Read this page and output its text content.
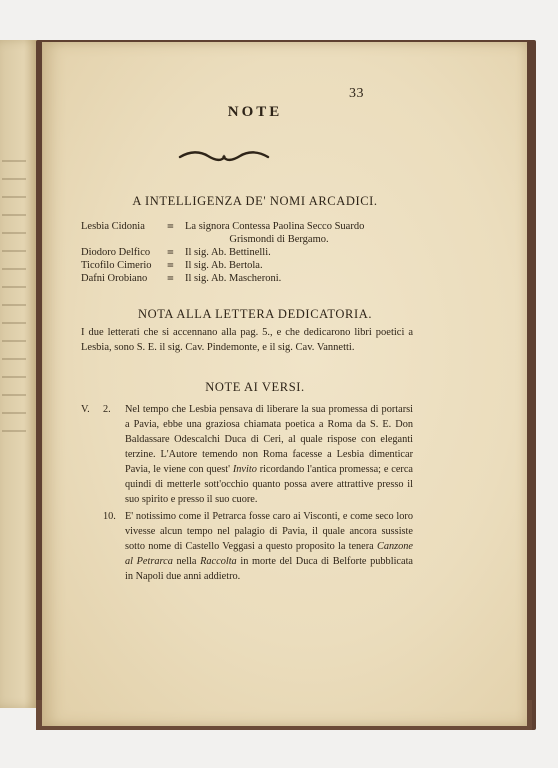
33
NOTE
A INTELLIGENZA DE' NOMI ARCADICI.
Lesbia Cidonia	=	La signora Contessa Paolina Secco Suardo
Grismondi di Bergamo.
Diodoro Delfico	=	Il sig. Ab. Bettinelli.
Ticofilo Cimerio	=	Il sig. Ab. Bertola.
Dafni Orobiano	=	Il sig. Ab. Mascheroni.
NOTA ALLA LETTERA DEDICATORIA.
I due letterati che si accennano alla pag. 5., e che dedicarono libri poetici a Lesbia, sono S. E. il sig. Cav. Pindemonte, e il sig. Cav. Vannetti.
NOTE AI VERSI.
V. 2. Nel tempo che Lesbia pensava di liberare la sua promessa di portarsi a Pavia, ebbe una graziosa chiamata poetica a Roma da S. E. Don Baldassare Odescalchi Duca di Ceri, al quale rispose con eleganti terzine. L'Autore temendo non Roma facesse a Lesbia dimenticar Pavia, le viene con quest' Invito ricordando l'antica promessa; e cerca quindi di metterle sott'occhio quanto possa avere attrattive presso il suo spirito e presso il suo cuore.
10. E' notissimo come il Petrarca fosse caro ai Visconti, e come seco loro vivesse alcun tempo nel palagio di Pavia, il quale ancora sussiste sotto nome di Castello Veggasi a questo proposito la tenera Canzone al Petrarca nella Raccolta in morte del Duca di Belforte pubblicata in Napoli due anni addietro.
